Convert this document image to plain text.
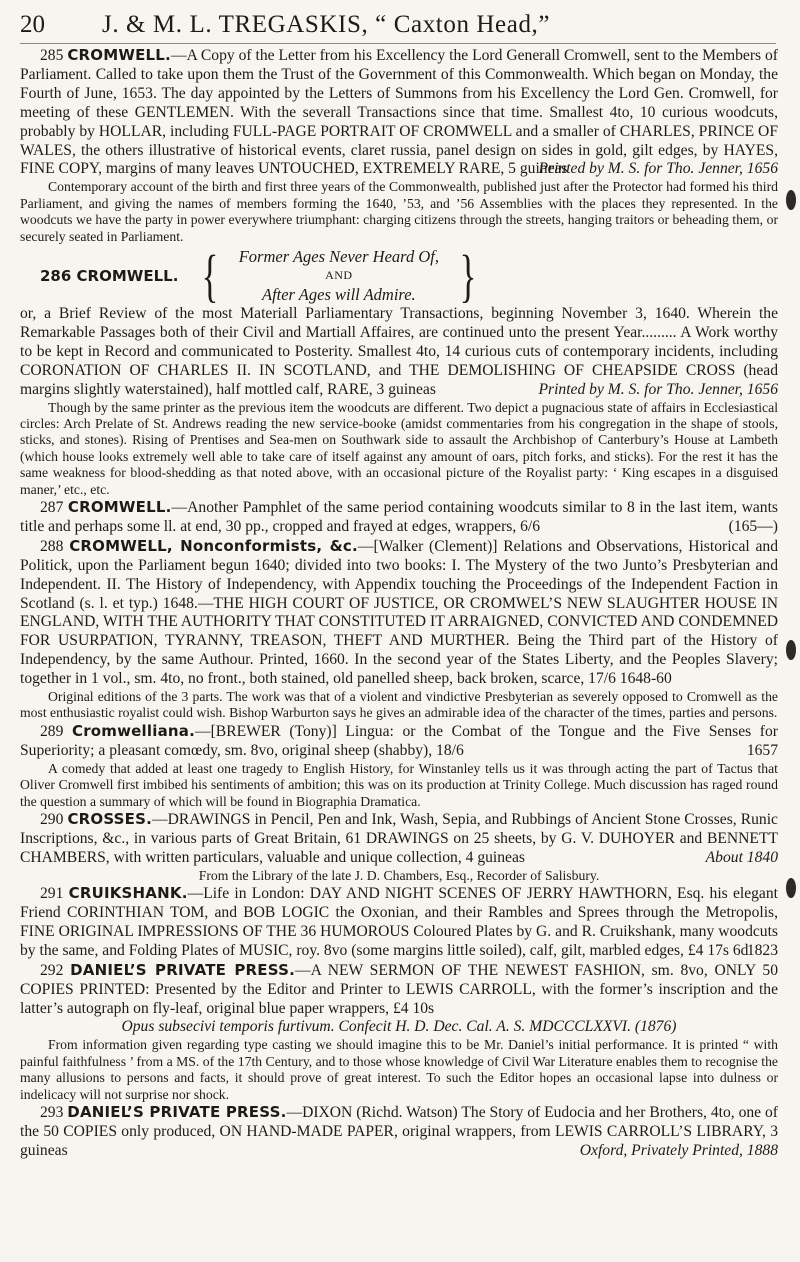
20 J. & M. L. TREGASKIS, “ Caxton Head,”

285 CROMWELL.—A Copy of the Letter from his Excellency the Lord Generall Cromwell, sent to the Members of Parliament. Called to take upon them the Trust of the Government of this Commonwealth. Which began on Monday, the Fourth of June, 1653. The day appointed by the Letters of Summons from his Excellency the Lord Gen. Cromwell, for meeting of these GENTLEMEN. With the severall Transactions since that time. Smallest 4to, 10 curious woodcuts, probably by HOLLAR, including FULL-PAGE PORTRAIT OF CROMWELL and a smaller of CHARLES, PRINCE OF WALES, the others illustrative of historical events, claret russia, panel design on sides in gold, gilt edges, by HAYES, FINE COPY, margins of many leaves UNTOUCHED, EXTREMELY RARE, 5 guineas

Printed by M. S. for Tho. Jenner, 1656

Contemporary account of the birth and first three years of the Commonwealth, published just after the Protector had formed his third Parliament, and giving the names of members forming the 1640, ’53, and ’56 Assemblies with the places they represented. In the woodcuts we have the party in power everywhere triumphant: charging citizens through the streets, hanging traitors or beheading them, or securely seated in Parliament.

286 CROMWELL. {	Former Ages Never Heard Of,
AND
After Ages will Admire. }

or, a Brief Review of the most Materiall Parliamentary Transactions, beginning November 3, 1640. Wherein the Remarkable Passages both of their Civil and Martiall Affaires, are continued unto the present Year......... A Work worthy to be kept in Record and communicated to Posterity. Smallest 4to, 14 curious cuts of contemporary incidents, including CORONATION OF CHARLES II. IN SCOTLAND, and THE DEMOLISHING OF CHEAPSIDE CROSS (head margins slightly waterstained), half mottled calf, RARE, 3 guineas	Printed by M. S. for Tho. Jenner, 1656

Though by the same printer as the previous item the woodcuts are different. Two depict a pugnacious state of affairs in Ecclesiastical circles: Arch Prelate of St. Andrews reading the new service-booke (amidst commentaries from his congregation in the shape of stools, sticks, and stones). Rising of Prentises and Sea-men on Southwark side to assault the Archbishop of Canterbury’s House at Lambeth (which house looks extremely well able to take care of itself against any amount of oars, pitch forks, and sticks). For the rest it has the same weakness for blood-shedding as that noted above, with an occasional picture of the Royalist party: ‘ King escapes in a disguised maner,’ etc., etc.

287 CROMWELL.—Another Pamphlet of the same period containing woodcuts similar to 8 in the last item, wants title and perhaps some ll. at end, 30 pp., cropped and frayed at edges, wrappers, 6/6	(165—)

288 CROMWELL, Nonconformists, &c.—[Walker (Clement)] Relations and Observations, Historical and Politick, upon the Parliament begun 1640; divided into two books: I. The Mystery of the two Junto’s Presbyterian and Independent. II. The History of Independency, with Appendix touching the Proceedings of the Independent Faction in Scotland (s. l. et typ.) 1648.—THE HIGH COURT OF JUSTICE, OR CROMWEL’S NEW SLAUGHTER HOUSE IN ENGLAND, WITH THE AUTHORITY THAT CONSTITUTED IT ARRAIGNED, CONVICTED AND CONDEMNED FOR USURPATION, TYRANNY, TREASON, THEFT AND MURTHER. Being the Third part of the History of Independency, by the same Authour. Printed, 1660. In the second year of the States Liberty, and the Peoples Slavery; together in 1 vol., sm. 4to, no front., both stained, old panelled sheep, back broken, scarce, 17/6 1648-60

Original editions of the 3 parts. The work was that of a violent and vindictive Presbyterian as severely opposed to Cromwell as the most enthusiastic royalist could wish. Bishop Warburton says he gives an admirable idea of the character of the times, parties and persons.

289 Cromwelliana.—[BREWER (Tony)] Lingua: or the Combat of the Tongue and the Five Senses for Superiority; a pleasant comœdy, sm. 8vo, original sheep (shabby), 18/6	1657

A comedy that added at least one tragedy to English History, for Winstanley tells us it was through acting the part of Tactus that Oliver Cromwell first imbibed his sentiments of ambition; this was on its production at Trinity College. Much discussion has raged round the question a summary of which will be found in Biographia Dramatica.

290 CROSSES.—DRAWINGS in Pencil, Pen and Ink, Wash, Sepia, and Rubbings of Ancient Stone Crosses, Runic Inscriptions, &c., in various parts of Great Britain, 61 DRAWINGS on 25 sheets, by G. V. DUHOYER and BENNETT CHAMBERS, with written particulars, valuable and unique collection, 4 guineas	About 1840

From the Library of the late J. D. Chambers, Esq., Recorder of Salisbury.

291 CRUIKSHANK.—Life in London: DAY AND NIGHT SCENES OF JERRY HAWTHORN, Esq. his elegant Friend CORINTHIAN TOM, and BOB LOGIC the Oxonian, and their Rambles and Sprees through the Metropolis, FINE ORIGINAL IMPRESSIONS OF THE 36 HUMOROUS Coloured Plates by G. and R. Cruikshank, many woodcuts by the same, and Folding Plates of MUSIC, roy. 8vo (some margins little soiled), calf, gilt, marbled edges, £4 17s 6d

1823

292 DANIEL’S PRIVATE PRESS.—A NEW SERMON OF THE NEWEST FASHION, sm. 8vo, ONLY 50 COPIES PRINTED: Presented by the Editor and Printer to LEWIS CARROLL, with the former’s inscription and the latter’s autograph on fly-leaf, original blue paper wrappers, £4 10s

Opus subsecivi temporis furtivum. Confecit H. D. Dec. Cal. A. S. MDCCCLXXVI. (1876)

From information given regarding type casting we should imagine this to be Mr. Daniel’s initial performance. It is printed “ with painful faithfulness ’ from a MS. of the 17th Century, and to those whose knowledge of Civil War Literature enables them to recognise the many allusions to persons and facts, it should prove of great interest. To such the Editor hopes an occasional lapse into dulness or indelicacy will not surprise nor shock.

293 DANIEL’S PRIVATE PRESS.—DIXON (Richd. Watson) The Story of Eudocia and her Brothers, 4to, one of the 50 COPIES only produced, ON HAND-MADE PAPER, original wrappers, from LEWIS CARROLL’S LIBRARY, 3 guineas	Oxford, Privately Printed, 1888
